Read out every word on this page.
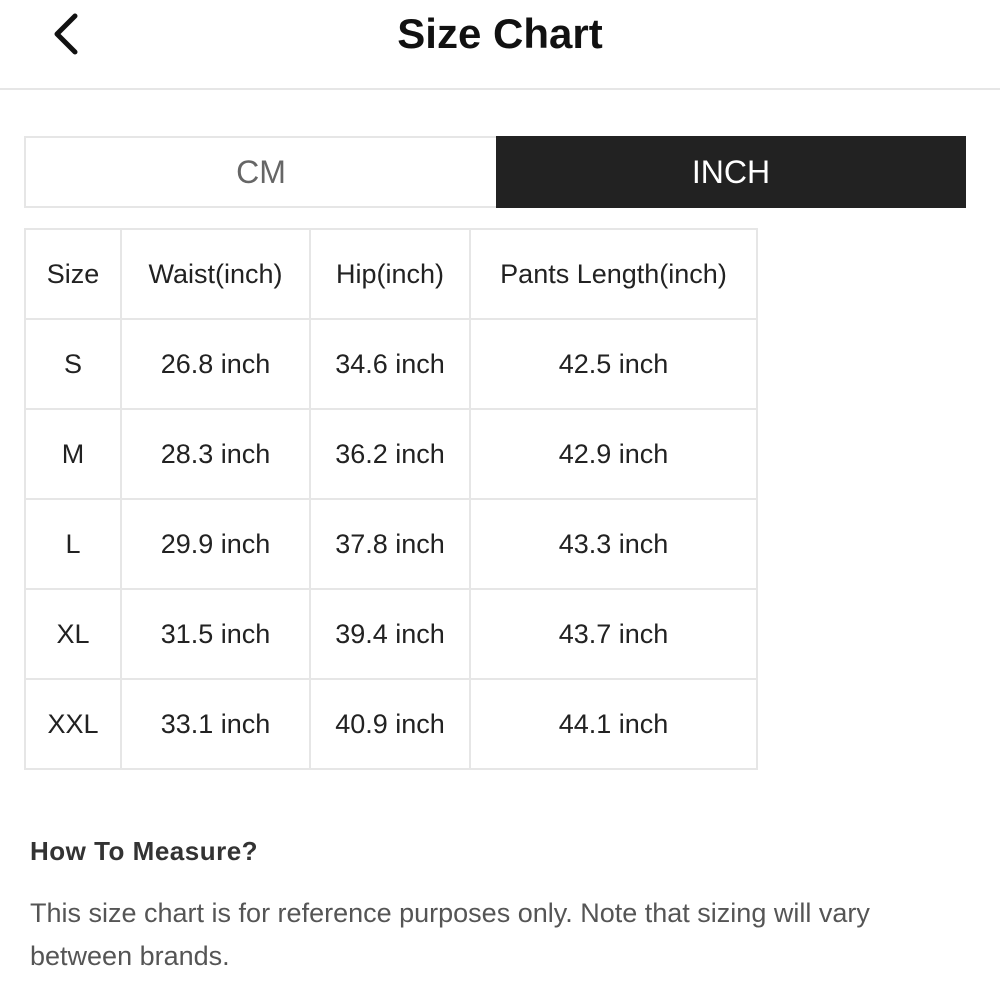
Size Chart
CM	INCH
Size	Waist(inch)	Hip(inch)	Pants Length(inch)
S	26.8 inch	34.6 inch	42.5 inch
M	28.3 inch	36.2 inch	42.9 inch
L	29.9 inch	37.8 inch	43.3 inch
XL	31.5 inch	39.4 inch	43.7 inch
XXL	33.1 inch	40.9 inch	44.1 inch
How To Measure?
This size chart is for reference purposes only. Note that sizing will vary between brands.
